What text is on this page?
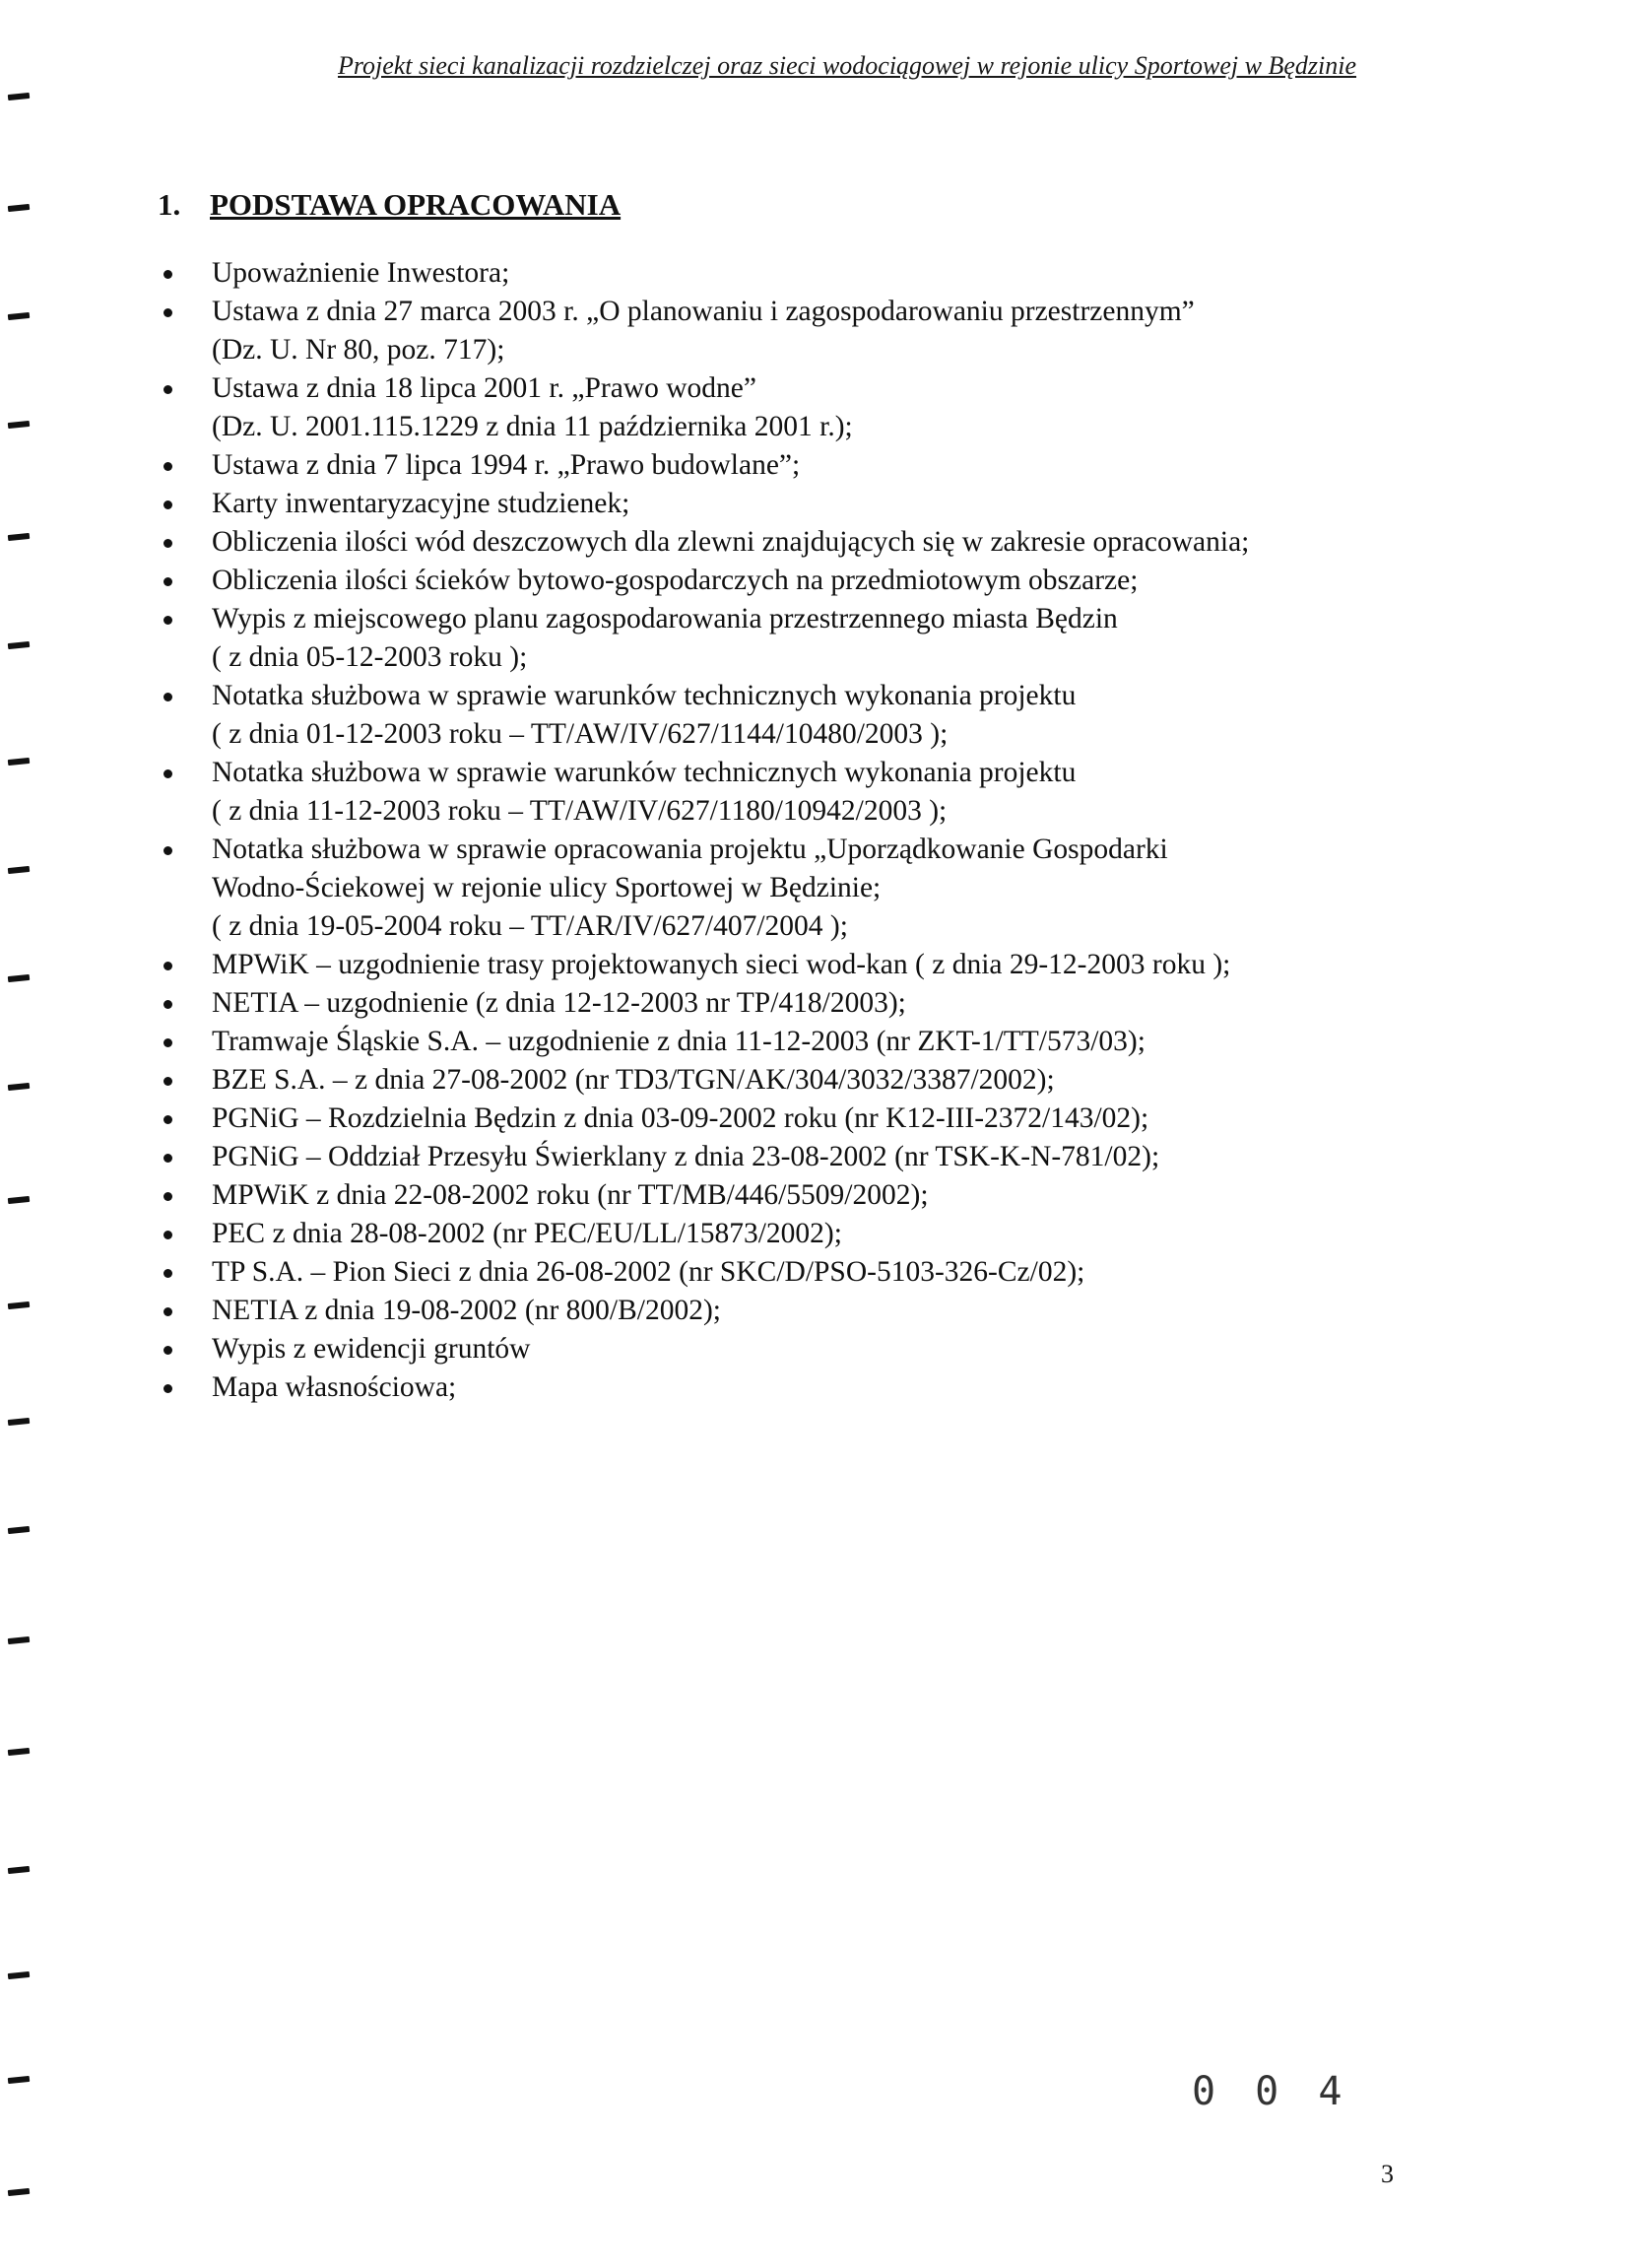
Projekt sieci kanalizacji rozdzielczej oraz sieci wodociągowej w rejonie ulicy Sportowej w Będzinie
1. PODSTAWA OPRACOWANIA
Upoważnienie Inwestora;
Ustawa z dnia 27 marca 2003 r. „O planowaniu i zagospodarowaniu przestrzennym”
(Dz. U. Nr 80, poz. 717);
Ustawa z dnia 18 lipca 2001 r. „Prawo wodne”
(Dz. U. 2001.115.1229 z dnia 11 października 2001 r.);
Ustawa z dnia 7 lipca 1994 r. „Prawo budowlane”;
Karty inwentaryzacyjne studzienek;
Obliczenia ilości wód deszczowych dla zlewni znajdujących się w zakresie opracowania;
Obliczenia ilości ścieków bytowo-gospodarczych na przedmiotowym obszarze;
Wypis z miejscowego planu zagospodarowania przestrzennego miasta Będzin
( z dnia 05-12-2003 roku );
Notatka służbowa w sprawie warunków technicznych wykonania projektu
( z dnia 01-12-2003 roku – TT/AW/IV/627/1144/10480/2003 );
Notatka służbowa w sprawie warunków technicznych wykonania projektu
( z dnia 11-12-2003 roku – TT/AW/IV/627/1180/10942/2003 );
Notatka służbowa w sprawie opracowania projektu „Uporządkowanie Gospodarki
Wodno-Ściekowej w rejonie ulicy Sportowej w Będzinie;
( z dnia 19-05-2004 roku – TT/AR/IV/627/407/2004 );
MPWiK – uzgodnienie trasy projektowanych sieci wod-kan ( z dnia 29-12-2003 roku );
NETIA – uzgodnienie (z dnia 12-12-2003 nr TP/418/2003);
Tramwaje Śląskie S.A. – uzgodnienie z dnia 11-12-2003 (nr ZKT-1/TT/573/03);
BZE S.A. – z dnia 27-08-2002 (nr TD3/TGN/AK/304/3032/3387/2002);
PGNiG – Rozdzielnia Będzin z dnia 03-09-2002 roku (nr K12-III-2372/143/02);
PGNiG – Oddział Przesyłu Świerklany z dnia 23-08-2002 (nr TSK-K-N-781/02);
MPWiK z dnia 22-08-2002 roku (nr TT/MB/446/5509/2002);
PEC z dnia 28-08-2002 (nr PEC/EU/LL/15873/2002);
TP S.A. – Pion Sieci z dnia 26-08-2002 (nr SKC/D/PSO-5103-326-Cz/02);
NETIA z dnia 19-08-2002 (nr 800/B/2002);
Wypis z ewidencji gruntów
Mapa własnościowa;
0 0 4
3
